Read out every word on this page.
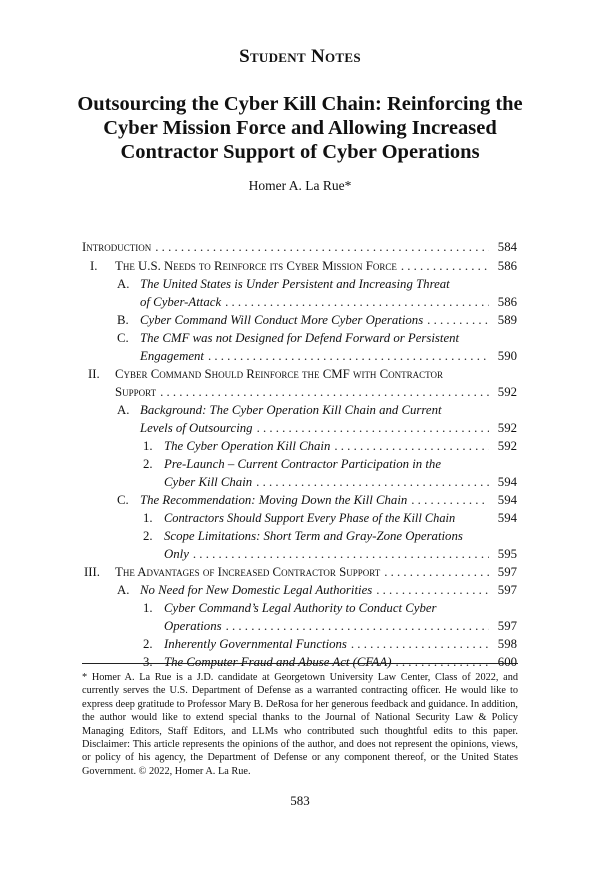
Student Notes
Outsourcing the Cyber Kill Chain: Reinforcing the Cyber Mission Force and Allowing Increased Contractor Support of Cyber Operations
Homer A. La Rue*
Introduction . . .	584
I. The U.S. Needs to Reinforce its Cyber Mission Force . . .	586
A. The United States is Under Persistent and Increasing Threat
of Cyber-Attack . . .	586
B. Cyber Command Will Conduct More Cyber Operations . . .	589
C. The CMF was not Designed for Defend Forward or Persistent
Engagement . . .	590
II. Cyber Command Should Reinforce the CMF with Contractor
Support . . .	592
A. Background: The Cyber Operation Kill Chain and Current
Levels of Outsourcing . . .	592
1. The Cyber Operation Kill Chain . . .	592
2. Pre-Launch – Current Contractor Participation in the
Cyber Kill Chain . . .	594
C. The Recommendation: Moving Down the Kill Chain . . .	594
1. Contractors Should Support Every Phase of the Kill Chain	594
2. Scope Limitations: Short Term and Gray-Zone Operations
Only . . .	595
III. The Advantages of Increased Contractor Support . . .	597
A. No Need for New Domestic Legal Authorities . . .	597
1. Cyber Command’s Legal Authority to Conduct Cyber
Operations . . .	597
2. Inherently Governmental Functions . . .	598
3. The Computer Fraud and Abuse Act (CFAA) . . .	600
* Homer A. La Rue is a J.D. candidate at Georgetown University Law Center, Class of 2022, and currently serves the U.S. Department of Defense as a warranted contracting officer. He would like to express deep gratitude to Professor Mary B. DeRosa for her generous feedback and guidance. In addition, the author would like to extend special thanks to the Journal of National Security Law & Policy Managing Editors, Staff Editors, and LLMs who contributed such thoughtful edits to this paper. Disclaimer: This article represents the opinions of the author, and does not represent the opinions, views, or policy of his agency, the Department of Defense or any component thereof, or the United States Government. © 2022, Homer A. La Rue.
583
